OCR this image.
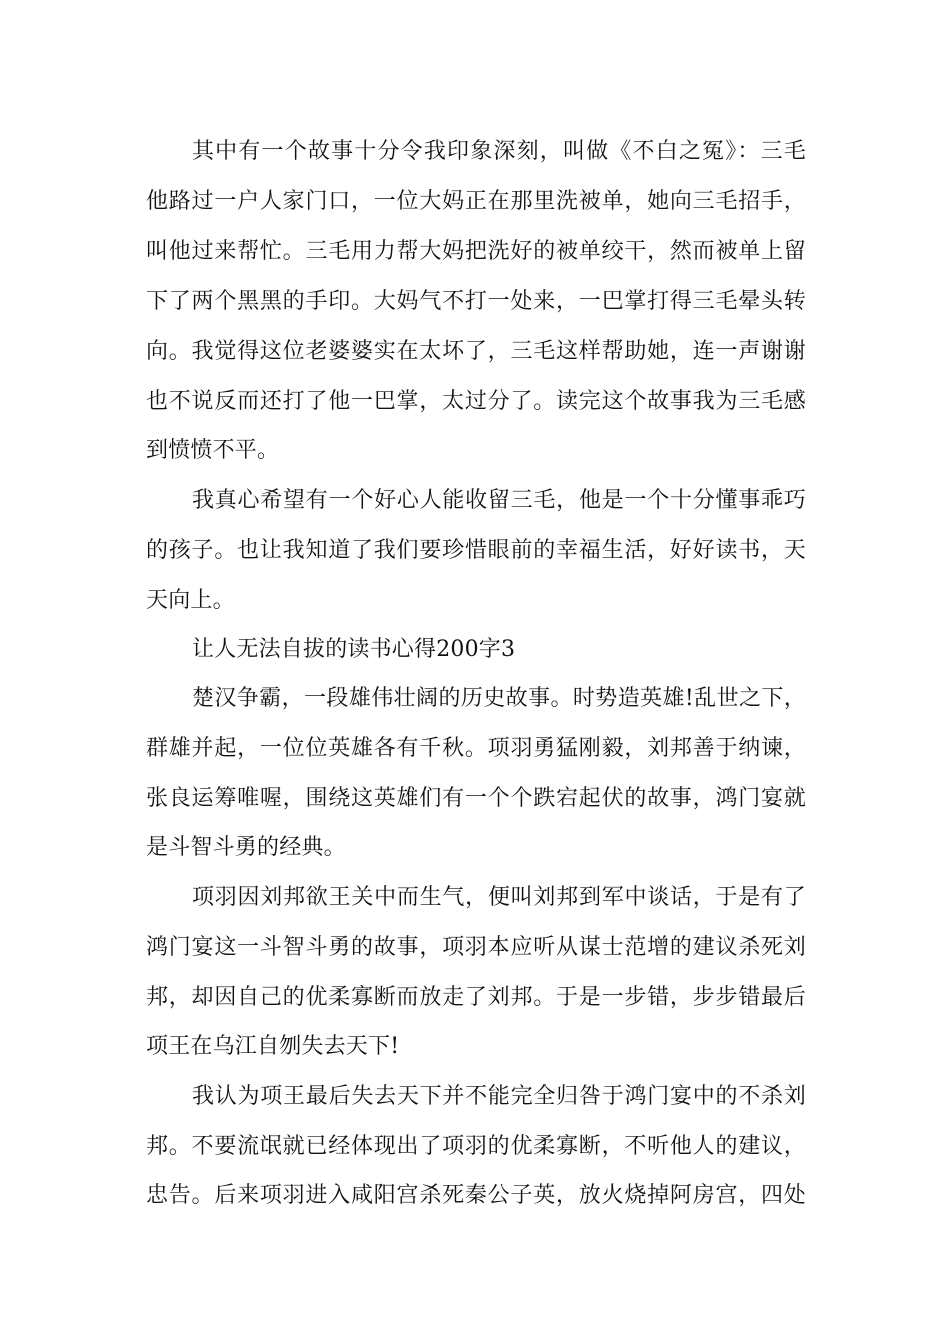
其中有一个故事十分令我印象深刻，叫做《不白之冤》：三毛
他路过一户人家门口，一位大妈正在那里洗被单，她向三毛招手，
叫他过来帮忙。三毛用力帮大妈把洗好的被单绞干，然而被单上留
下了两个黑黑的手印。大妈气不打一处来，一巴掌打得三毛晕头转
向。我觉得这位老婆婆实在太坏了，三毛这样帮助她，连一声谢谢
也不说反而还打了他一巴掌，太过分了。读完这个故事我为三毛感
到愤愤不平。
我真心希望有一个好心人能收留三毛，他是一个十分懂事乖巧
的孩子。也让我知道了我们要珍惜眼前的幸福生活，好好读书，天
天向上。
让人无法自拔的读书心得200字3
楚汉争霸，一段雄伟壮阔的历史故事。时势造英雄!乱世之下，
群雄并起，一位位英雄各有千秋。项羽勇猛刚毅，刘邦善于纳谏，
张良运筹唯喔，围绕这英雄们有一个个跌宕起伏的故事，鸿门宴就
是斗智斗勇的经典。
项羽因刘邦欲王关中而生气，便叫刘邦到军中谈话，于是有了
鸿门宴这一斗智斗勇的故事，项羽本应听从谋士范增的建议杀死刘
邦，却因自己的优柔寡断而放走了刘邦。于是一步错，步步错最后
项王在乌江自刎失去天下!
我认为项王最后失去天下并不能完全归咎于鸿门宴中的不杀刘
邦。不要流氓就已经体现出了项羽的优柔寡断，不听他人的建议，
忠告。后来项羽进入咸阳宫杀死秦公子英，放火烧掉阿房宫，四处
